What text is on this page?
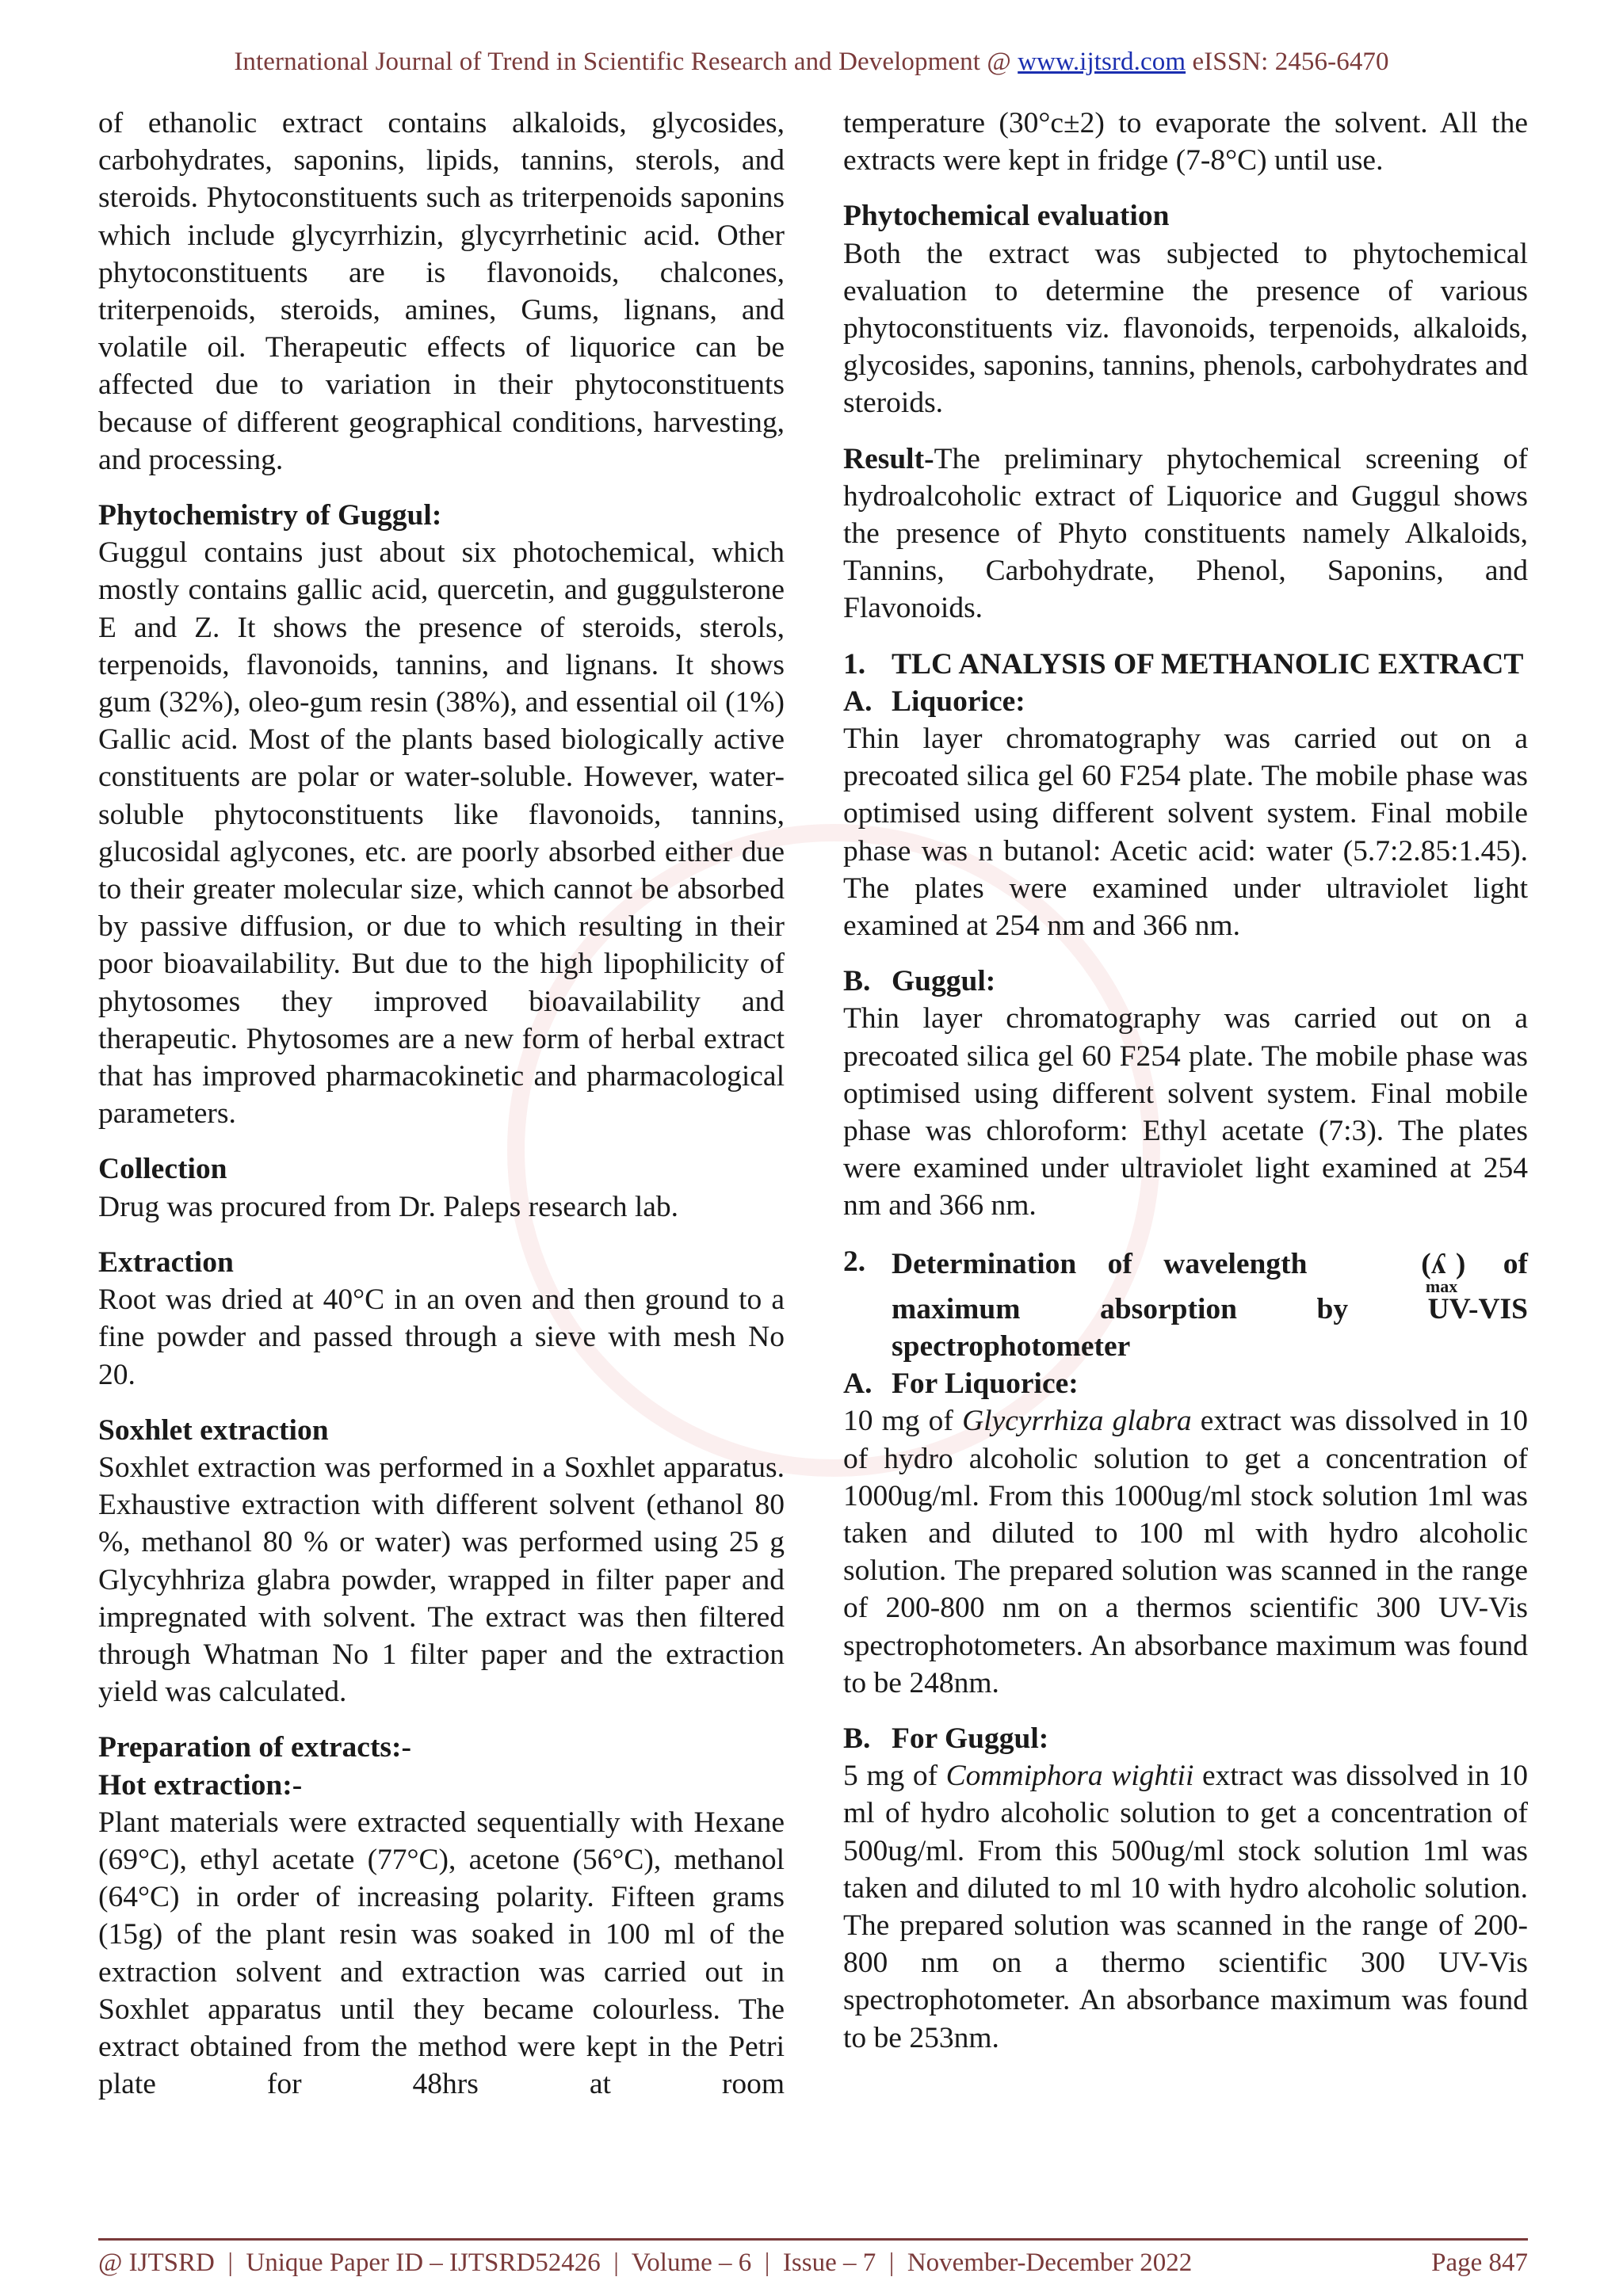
International Journal of Trend in Scientific Research and Development @ www.ijtsrd.com eISSN: 2456-6470

of ethanolic extract contains alkaloids, glycosides, carbohydrates, saponins, lipids, tannins, sterols, and steroids. Phytoconstituents such as triterpenoids saponins which include glycyrrhizin, glycyrrhetinic acid. Other phytoconstituents are is flavonoids, chalcones, triterpenoids, steroids, amines, Gums, lignans, and volatile oil. Therapeutic effects of liquorice can be affected due to variation in their phytoconstituents because of different geographical conditions, harvesting, and processing.

Phytochemistry of Guggul:

Guggul contains just about six photochemical, which mostly contains gallic acid, quercetin, and guggulsterone E and Z. It shows the presence of steroids, sterols, terpenoids, flavonoids, tannins, and lignans. It shows gum (32%), oleo-gum resin (38%), and essential oil (1%) Gallic acid. Most of the plants based biologically active constituents are polar or water-soluble. However, water-soluble phytoconstituents like flavonoids, tannins, glucosidal aglycones, etc. are poorly absorbed either due to their greater molecular size, which cannot be absorbed by passive diffusion, or due to which resulting in their poor bioavailability. But due to the high lipophilicity of phytosomes they improved bioavailability and therapeutic. Phytosomes are a new form of herbal extract that has improved pharmacokinetic and pharmacological parameters.

Collection

Drug was procured from Dr. Paleps research lab.

Extraction

Root was dried at 40°C in an oven and then ground to a fine powder and passed through a sieve with mesh No 20.

Soxhlet extraction

Soxhlet extraction was performed in a Soxhlet apparatus. Exhaustive extraction with different solvent (ethanol 80 %, methanol 80 % or water) was performed using 25 g Glycyhhriza glabra powder, wrapped in filter paper and impregnated with solvent. The extract was then filtered through Whatman No 1 filter paper and the extraction yield was calculated.

Preparation of extracts:-
Hot extraction:-

Plant materials were extracted sequentially with Hexane (69°C), ethyl acetate (77°C), acetone (56°C), methanol (64°C) in order of increasing polarity. Fifteen grams (15g) of the plant resin was soaked in 100 ml of the extraction solvent and extraction was carried out in Soxhlet apparatus until they became colourless. The extract obtained from the method were kept in the Petri plate for 48hrs at room

temperature (30°c±2) to evaporate the solvent. All the extracts were kept in fridge (7-8°C) until use.

Phytochemical evaluation

Both the extract was subjected to phytochemical evaluation to determine the presence of various phytoconstituents viz. flavonoids, terpenoids, alkaloids, glycosides, saponins, tannins, phenols, carbohydrates and steroids.

Result-The preliminary phytochemical screening of hydroalcoholic extract of Liquorice and Guggul shows the presence of Phyto constituents namely Alkaloids, Tannins, Carbohydrate, Phenol, Saponins, and Flavonoids.

1. TLC ANALYSIS OF METHANOLIC EXTRACT
A. Liquorice:

Thin layer chromatography was carried out on a precoated silica gel 60 F254 plate. The mobile phase was optimised using different solvent system. Final mobile phase was n butanol: Acetic acid: water (5.7:2.85:1.45). The plates were examined under ultraviolet light examined at 254 nm and 366 nm.

B. Guggul:

Thin layer chromatography was carried out on a precoated silica gel 60 F254 plate. The mobile phase was optimised using different solvent system. Final mobile phase was chloroform: Ethyl acetate (7:3). The plates were examined under ultraviolet light examined at 254 nm and 366 nm.

2. Determination of wavelength	(ʎ
max
) of
maximum absorption by UV-VIS
spectrophotometer
A. For Liquorice:

10 mg of Glycyrrhiza glabra extract was dissolved in 10 of hydro alcoholic solution to get a concentration of 1000ug/ml. From this 1000ug/ml stock solution 1ml was taken and diluted to 100 ml with hydro alcoholic solution. The prepared solution was scanned in the range of 200-800 nm on a thermos scientific 300 UV-Vis spectrophotometers. An absorbance maximum was found to be 248nm.

B. For Guggul:

5 mg of Commiphora wightii extract was dissolved in 10 ml of hydro alcoholic solution to get a concentration of 500ug/ml. From this 500ug/ml stock solution 1ml was taken and diluted to ml 10 with hydro alcoholic solution. The prepared solution was scanned in the range of 200-800 nm on a thermo scientific 300 UV-Vis spectrophotometer. An absorbance maximum was found to be 253nm.

@ IJTSRD  |  Unique Paper ID – IJTSRD52426  |  Volume – 6  |  Issue – 7  |  November-December 2022	Page 847
